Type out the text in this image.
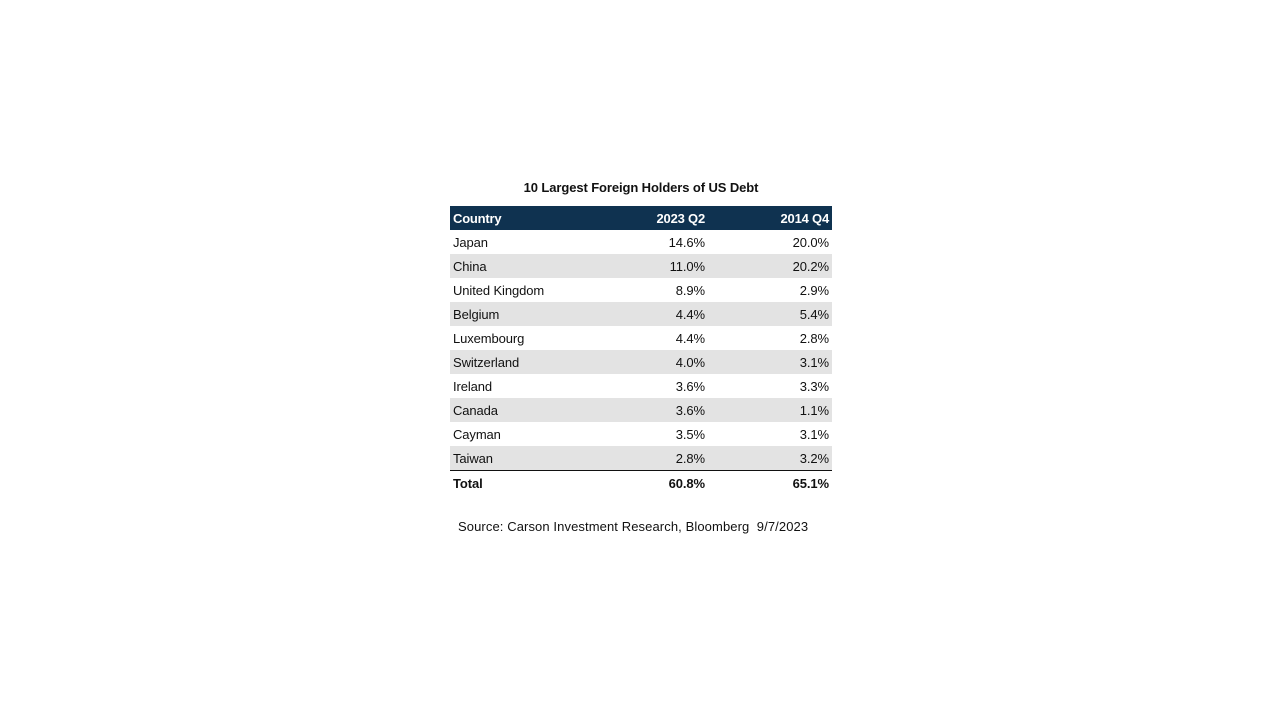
10 Largest Foreign Holders of US Debt
Country	2023 Q2	2014 Q4
Japan	14.6%	20.0%
China	11.0%	20.2%
United Kingdom	8.9%	2.9%
Belgium	4.4%	5.4%
Luxembourg	4.4%	2.8%
Switzerland	4.0%	3.1%
Ireland	3.6%	3.3%
Canada	3.6%	1.1%
Cayman	3.5%	3.1%
Taiwan	2.8%	3.2%
Total	60.8%	65.1%
Source: Carson Investment Research, Bloomberg  9/7/2023
